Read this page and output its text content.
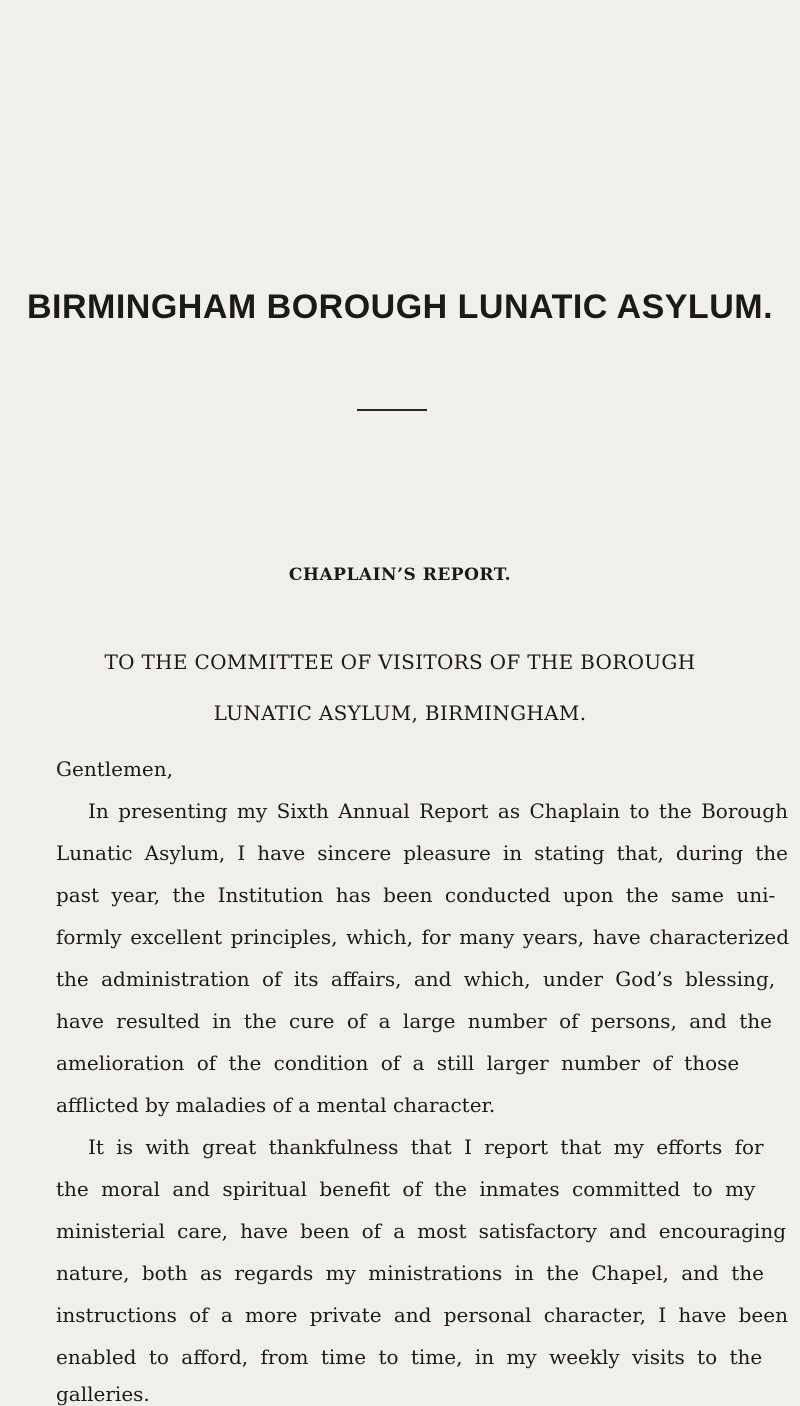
BIRMINGHAM BOROUGH LUNATIC ASYLUM.
CHAPLAIN’S REPORT.
TO THE COMMITTEE OF VISITORS OF THE BOROUGH
LUNATIC ASYLUM, BIRMINGHAM.
Gentlemen,
In presenting my Sixth Annual Report as Chaplain to the Borough
Lunatic Asylum, I have sincere pleasure in stating that, during the
past year, the Institution has been conducted upon the same uni-
formly excellent principles, which, for many years, have characterized
the administration of its affairs, and which, under God’s blessing,
have resulted in the cure of a large number of persons, and the
amelioration of the condition of a still larger number of those
afflicted by maladies of a mental character.
It is with great thankfulness that I report that my efforts for
the moral and spiritual benefit of the inmates committed to my
ministerial care, have been of a most satisfactory and encouraging
nature, both as regards my ministrations in the Chapel, and the
instructions of a more private and personal character, I have been
enabled to afford, from time to time, in my weekly visits to the
galleries.
